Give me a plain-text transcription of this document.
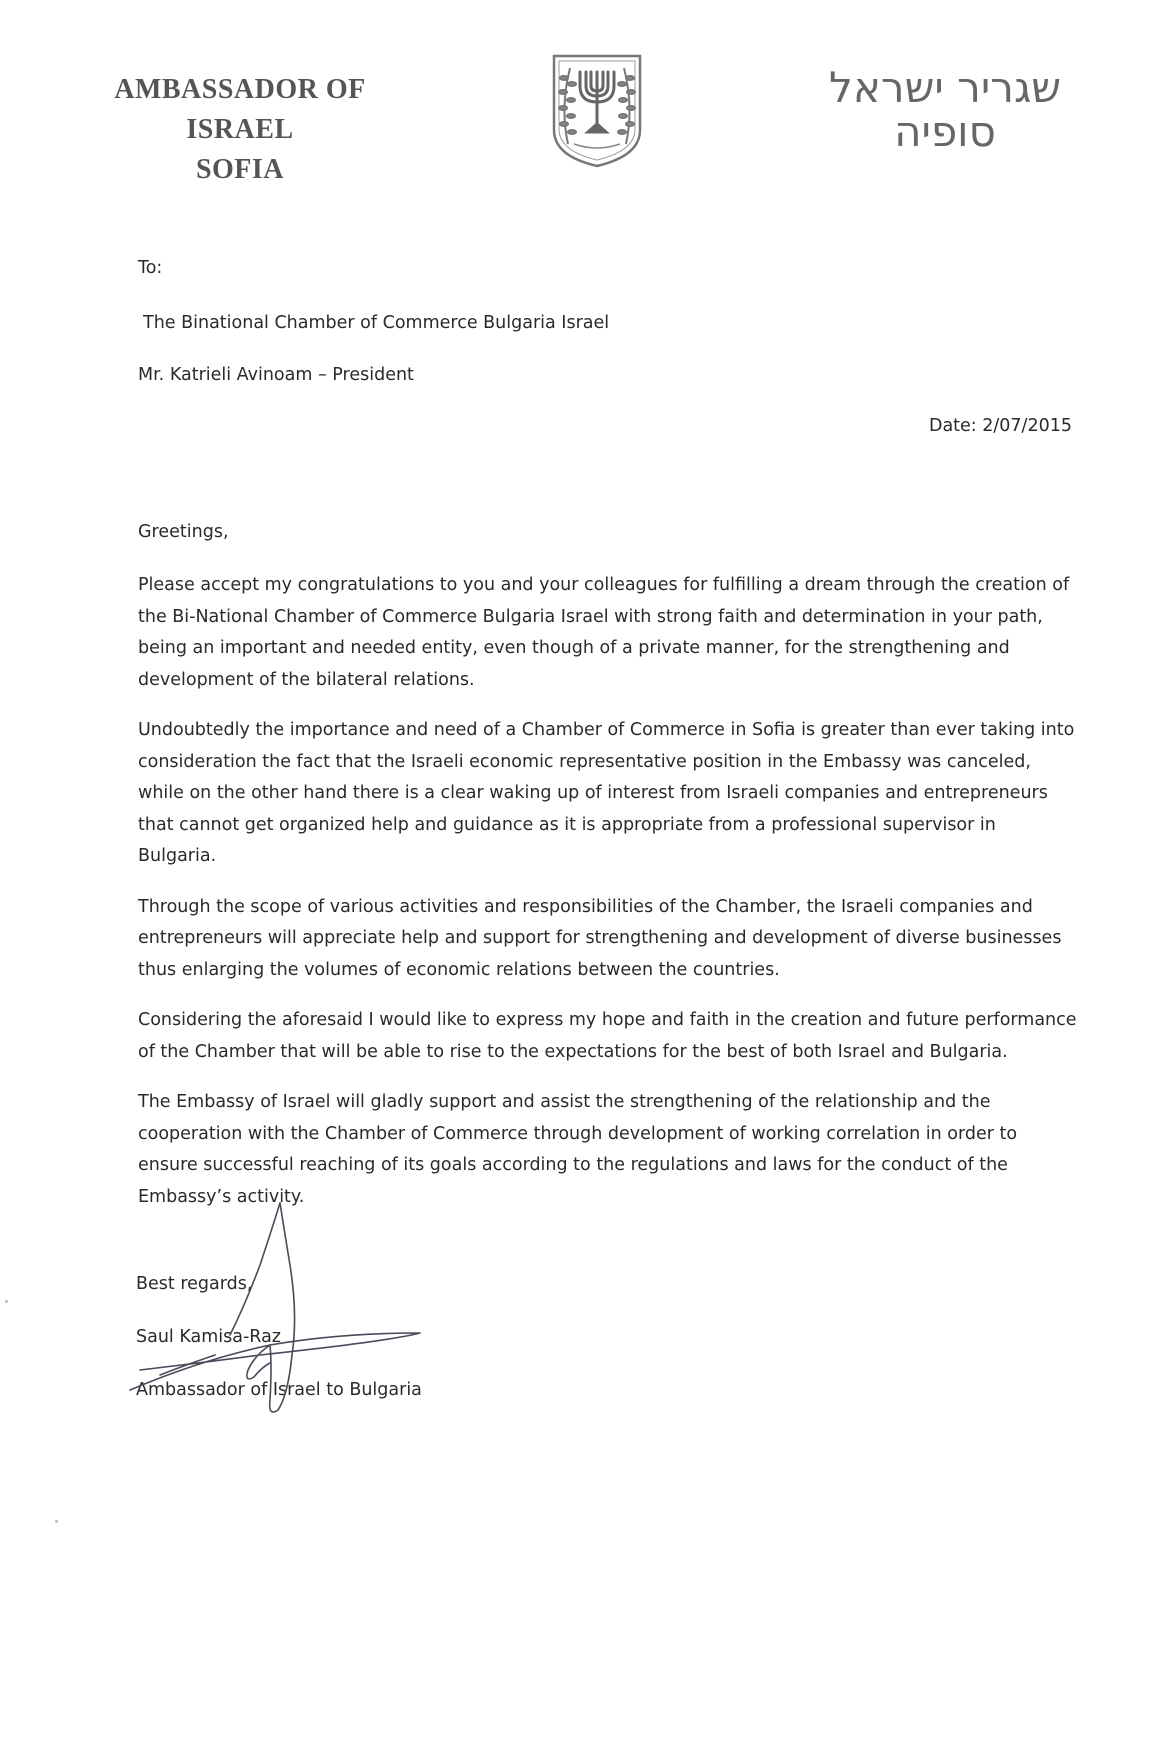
AMBASSADOR OF ISRAEL
SOFIA
שגריר ישראל
סופיה
To:
The Binational Chamber of Commerce Bulgaria Israel
Mr. Katrieli Avinoam – President
Date: 2/07/2015
Greetings,

Please accept my congratulations to you and your colleagues for fulfilling a dream through the creation of the Bi-National Chamber of Commerce Bulgaria Israel with strong faith and determination in your path, being an important and needed entity, even though of a private manner, for the strengthening and development of the bilateral relations.

Undoubtedly the importance and need of a Chamber of Commerce in Sofia is greater than ever taking into consideration the fact that the Israeli economic representative position in the Embassy was canceled, while on the other hand there is a clear waking up of interest from Israeli companies and entrepreneurs that cannot get organized help and guidance as it is appropriate from a professional supervisor in Bulgaria.

Through the scope of various activities and responsibilities of the Chamber, the Israeli companies and entrepreneurs will appreciate help and support for strengthening and development of diverse businesses thus enlarging the volumes of economic relations between the countries.

Considering the aforesaid I would like to express my hope and faith in the creation and future performance of the Chamber that will be able to rise to the expectations for the best of both Israel and Bulgaria.

The Embassy of Israel will gladly support and assist the strengthening of the relationship and the cooperation with the Chamber of Commerce through development of working correlation in order to ensure successful reaching of its goals according to the regulations and laws for the conduct of the Embassy’s activity.

Best regards,
Saul Kamisa-Raz
Ambassador of Israel to Bulgaria
